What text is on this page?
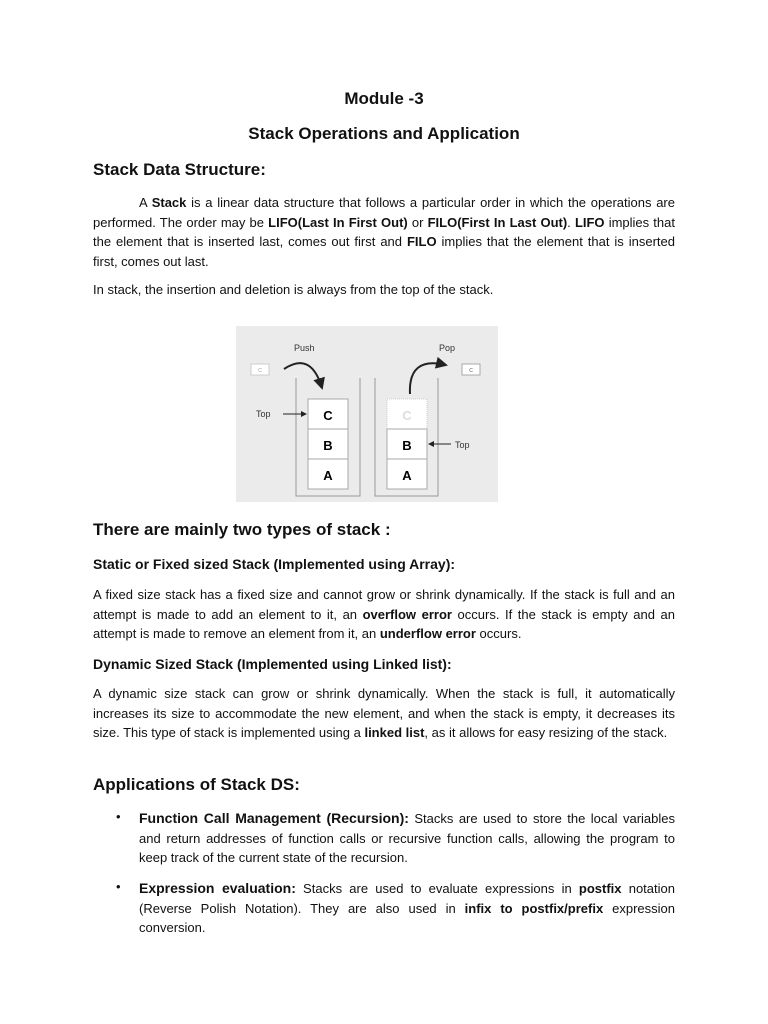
Module -3
Stack Operations and Application
Stack Data Structure:
A Stack is a linear data structure that follows a particular order in which the operations are performed. The order may be LIFO(Last In First Out) or FILO(First In Last Out). LIFO implies that the element that is inserted last, comes out first and FILO implies that the element that is inserted first, comes out last.
In stack, the insertion and deletion is always from the top of the stack.
Push	Pop
C	C
C
B
A
C
B
A
Top
Top
There are mainly two types of stack :
Static or Fixed sized Stack (Implemented using Array):
A fixed size stack has a fixed size and cannot grow or shrink dynamically. If the stack is full and an attempt is made to add an element to it, an overflow error occurs. If the stack is empty and an attempt is made to remove an element from it, an underflow error occurs.
Dynamic Sized Stack (Implemented using Linked list):
A dynamic size stack can grow or shrink dynamically. When the stack is full, it automatically increases its size to accommodate the new element, and when the stack is empty, it decreases its size. This type of stack is implemented using a linked list, as it allows for easy resizing of the stack.
Applications of Stack DS:
• Function Call Management (Recursion): Stacks are used to store the local variables and return addresses of function calls or recursive function calls, allowing the program to keep track of the current state of the recursion.
• Expression evaluation: Stacks are used to evaluate expressions in postfix notation (Reverse Polish Notation). They are also used in infix to postfix/prefix expression conversion.
